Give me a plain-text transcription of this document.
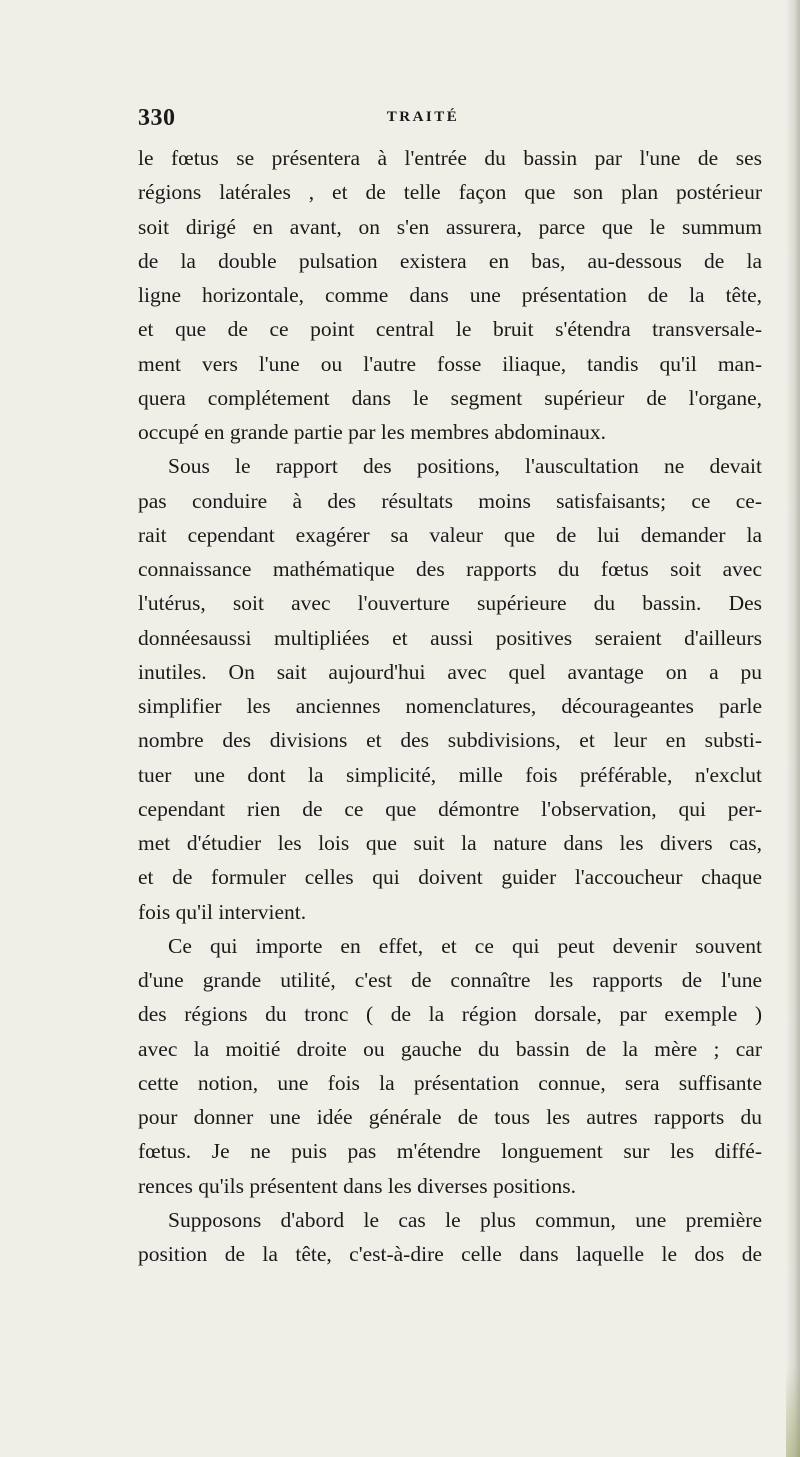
330	TRAITÉ
le fœtus se présentera à l'entrée du bassin par l'une de ses
régions latérales , et de telle façon que son plan postérieur
soit dirigé en avant, on s'en assurera, parce que le summum
de la double pulsation existera en bas, au-dessous de la
ligne horizontale, comme dans une présentation de la tête,
et que de ce point central le bruit s'étendra transversale-
ment vers l'une ou l'autre fosse iliaque, tandis qu'il man-
quera complétement dans le segment supérieur de l'organe,
occupé en grande partie par les membres abdominaux.
Sous le rapport des positions, l'auscultation ne devait
pas conduire à des résultats moins satisfaisants; ce ce-
rait cependant exagérer sa valeur que de lui demander la
connaissance mathématique des rapports du fœtus soit avec
l'utérus, soit avec l'ouverture supérieure du bassin. Des
donnéesaussi multipliées et aussi positives seraient d'ailleurs
inutiles. On sait aujourd'hui avec quel avantage on a pu
simplifier les anciennes nomenclatures, décourageantes parle
nombre des divisions et des subdivisions, et leur en substi-
tuer une dont la simplicité, mille fois préférable, n'exclut
cependant rien de ce que démontre l'observation, qui per-
met d'étudier les lois que suit la nature dans les divers cas,
et de formuler celles qui doivent guider l'accoucheur chaque
fois qu'il intervient.
Ce qui importe en effet, et ce qui peut devenir souvent
d'une grande utilité, c'est de connaître les rapports de l'une
des régions du tronc ( de la région dorsale, par exemple )
avec la moitié droite ou gauche du bassin de la mère ; car
cette notion, une fois la présentation connue, sera suffisante
pour donner une idée générale de tous les autres rapports du
fœtus. Je ne puis pas m'étendre longuement sur les diffé-
rences qu'ils présentent dans les diverses positions.
Supposons d'abord le cas le plus commun, une première
position de la tête, c'est-à-dire celle dans laquelle le dos de
